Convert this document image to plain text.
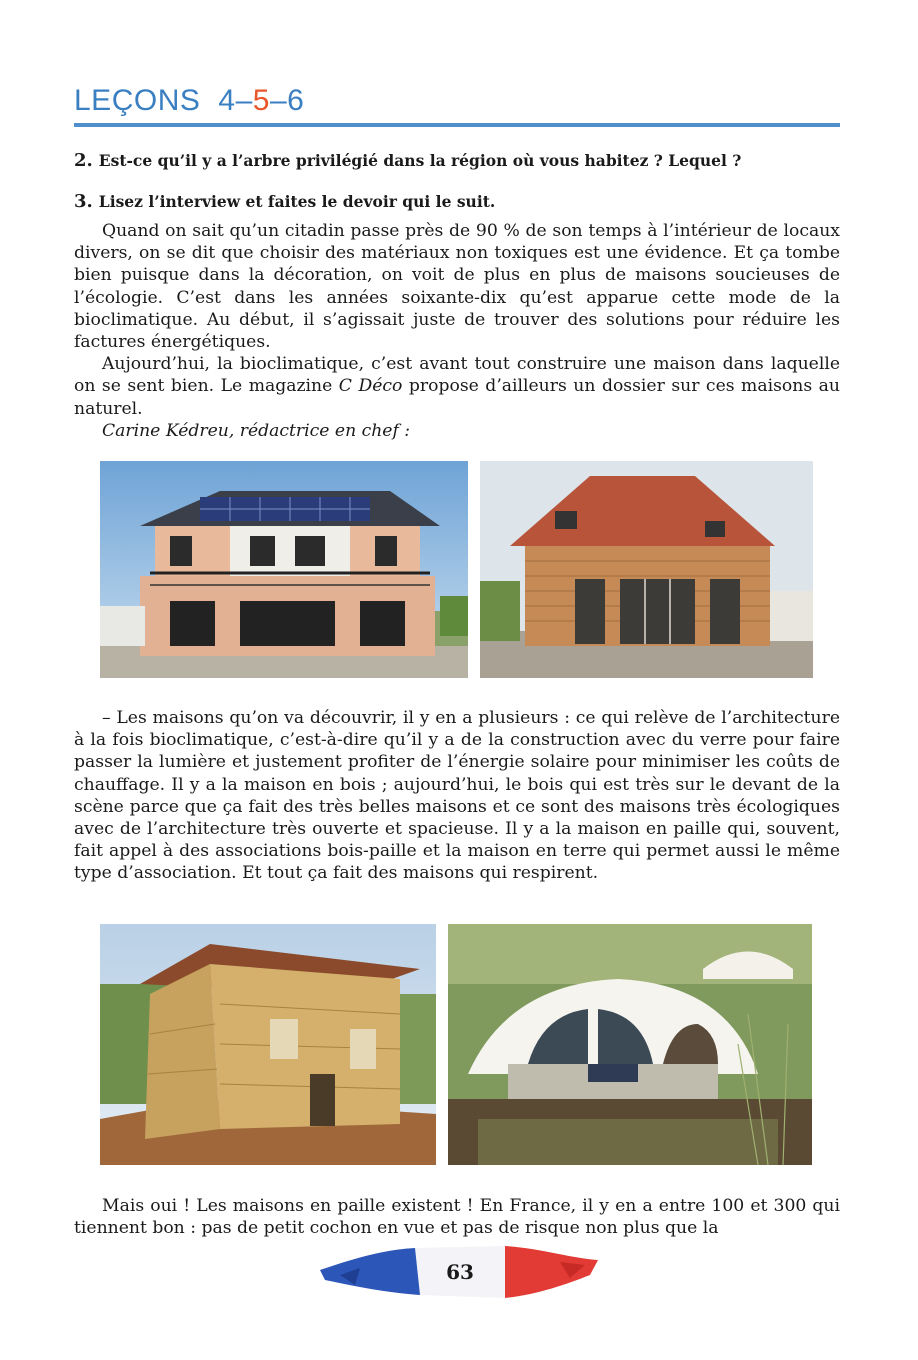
LEÇONS 4–5–6
2. Est-ce qu’il y a l’arbre privilégié dans la région où vous habitez ? Lequel ?
3. Lisez l’interview et faites le devoir qui le suit.

Quand on sait qu’un citadin passe près de 90 % de son temps à l’intérieur de locaux divers, on se dit que choisir des matériaux non toxiques est une évidence. Et ça tombe bien puisque dans la décoration, on voit de plus en plus de maisons soucieuses de l’écologie. C’est dans les années soixante-dix qu’est apparue cette mode de la bioclimatique. Au début, il s’agissait juste de trouver des solutions pour réduire les factures énergétiques.

Aujourd’hui, la bioclimatique, c’est avant tout construire une maison dans laquelle on se sent bien. Le magazine C Déco propose d’ailleurs un dossier sur ces maisons au naturel.

Carine Kédreu, rédactrice en chef :

– Les maisons qu’on va découvrir, il y en a plusieurs : ce qui relève de l’architecture à la fois bioclimatique, c’est-à-dire qu’il y a de la construction avec du verre pour faire passer la lumière et justement profiter de l’énergie solaire pour minimiser les coûts de chauffage. Il y a la maison en bois ; aujourd’hui, le bois qui est très sur le devant de la scène parce que ça fait des très belles maisons et ce sont des maisons très écologiques avec de l’architecture très ouverte et spacieuse. Il y a la maison en paille qui, souvent, fait appel à des associations bois-paille et la maison en terre qui permet aussi le même type d’association. Et tout ça fait des maisons qui respirent.

Mais oui ! Les maisons en paille existent ! En France, il y en a entre 100 et 300 qui tiennent bon : pas de petit cochon en vue et pas de risque non plus que la

63
